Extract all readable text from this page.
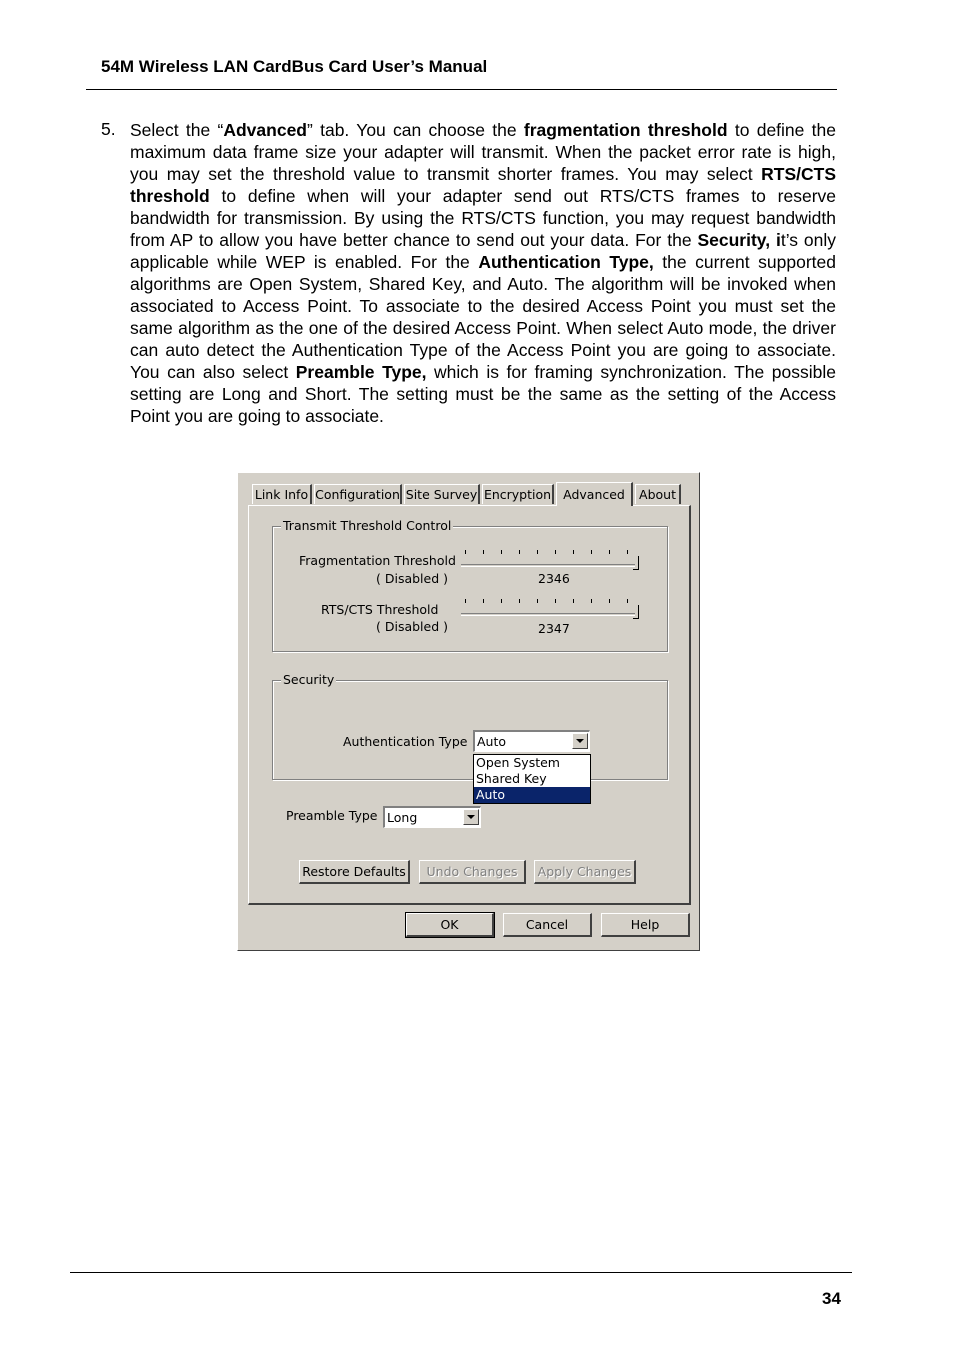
54M Wireless LAN CardBus Card User’s Manual
5. Select the “Advanced” tab. You can choose the fragmentation threshold to define the maximum data frame size your adapter will transmit. When the packet error rate is high, you may set the threshold value to transmit shorter frames. You may select RTS/CTS threshold to define when will your adapter send out RTS/CTS frames to reserve bandwidth for transmission. By using the RTS/CTS function, you may request bandwidth from AP to allow you have better chance to send out your data. For the Security, it’s only applicable while WEP is enabled. For the Authentication Type, the current supported algorithms are Open System, Shared Key, and Auto. The algorithm will be invoked when associated to Access Point. To associate to the desired Access Point you must set the same algorithm as the one of the desired Access Point. When select Auto mode, the driver can auto detect the Authentication Type of the Access Point you are going to associate. You can also select Preamble Type, which is for framing synchronization. The possible setting are Long and Short. The setting must be the same as the setting of the Access Point you are going to associate.
Link Info Configuration Site Survey Encryption Advanced	About
Transmit Threshold Control
Fragmentation Threshold
( Disabled )	2346
RTS/CTS Threshold
( Disabled )	2347
Security
Authentication Type Auto
Open System
Shared Key
Auto
Preamble Type Long
Restore Defaults	Undo Changes	Apply Changes
OK	Cancel	Help
34
